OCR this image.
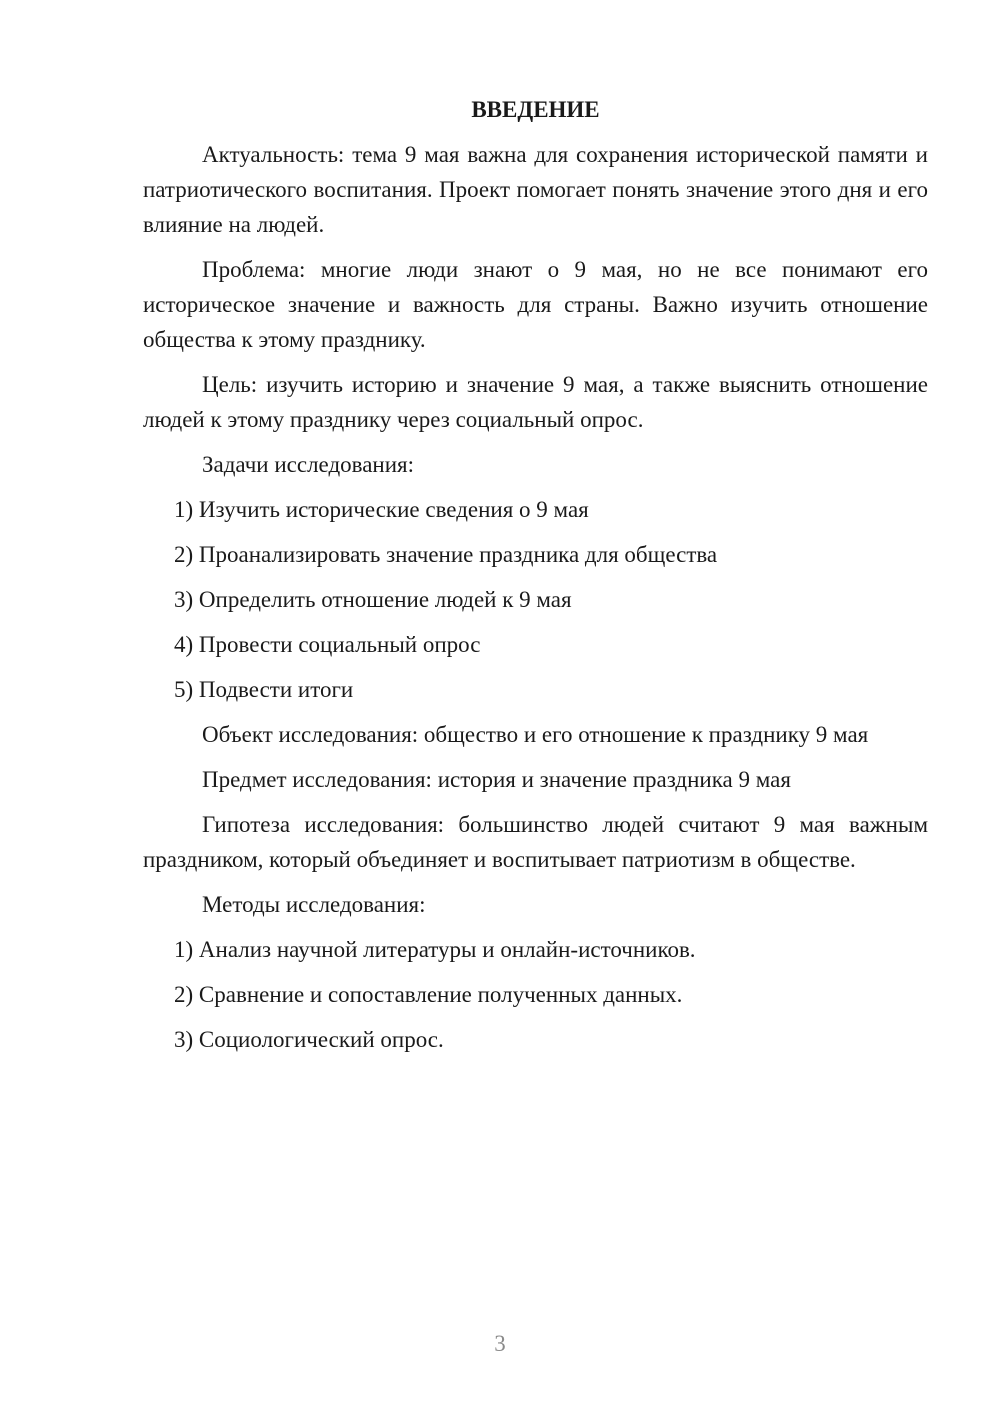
ВВЕДЕНИЕ

Актуальность: тема 9 мая важна для сохранения исторической памяти и патриотического воспитания. Проект помогает понять значение этого дня и его влияние на людей.

Проблема: многие люди знают о 9 мая, но не все понимают его историческое значение и важность для страны. Важно изучить отношение общества к этому празднику.

Цель: изучить историю и значение 9 мая, а также выяснить отношение людей к этому празднику через социальный опрос.

Задачи исследования:

1) Изучить исторические сведения о 9 мая

2) Проанализировать значение праздника для общества

3) Определить отношение людей к 9 мая

4) Провести социальный опрос

5) Подвести итоги

Объект исследования: общество и его отношение к празднику 9 мая

Предмет исследования: история и значение праздника 9 мая

Гипотеза исследования: большинство людей считают 9 мая важным праздником, который объединяет и воспитывает патриотизм в обществе.

Методы исследования:

1) Анализ научной литературы и онлайн-источников.

2) Сравнение и сопоставление полученных данных.

3) Социологический опрос.

3
